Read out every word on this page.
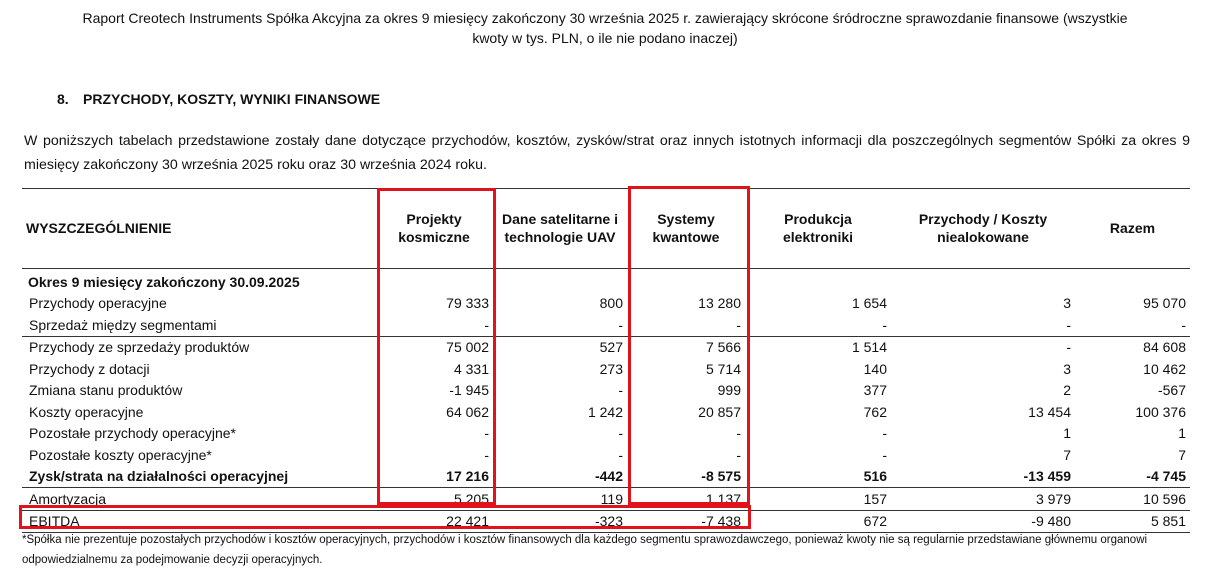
Raport Creotech Instruments Spółka Akcyjna za okres 9 miesięcy zakończony 30 września 2025 r. zawierający skrócone śródroczne sprawozdanie finansowe (wszystkie
kwoty w tys. PLN, o ile nie podano inaczej)
8. PRZYCHODY, KOSZTY, WYNIKI FINANSOWE
W poniższych tabelach przedstawione zostały dane dotyczące przychodów, kosztów, zysków/strat oraz innych istotnych informacji dla poszczególnych segmentów Spółki za okres 9 miesięcy zakończony 30 września 2025 roku oraz 30 września 2024 roku.
WYSZCZEGÓLNIENIE	Projekty kosmiczne	Dane satelitarne i technologie UAV	Systemy kwantowe	Produkcja elektroniki	Przychody / Koszty niealokowane	Razem
Okres 9 miesięcy zakończony 30.09.2025						
Przychody operacyjne	79 333	800	13 280	1 654	3	95 070
Sprzedaż między segmentami	-	-	-	-	-	-
Przychody ze sprzedaży produktów	75 002	527	7 566	1 514	-	84 608
Przychody z dotacji	4 331	273	5 714	140	3	10 462
Zmiana stanu produktów	-1 945	-	999	377	2	-567
Koszty operacyjne	64 062	1 242	20 857	762	13 454	100 376
Pozostałe przychody operacyjne*	-	-	-	-	1	1
Pozostałe koszty operacyjne*	-	-	-	-	7	7
Zysk/strata na działalności operacyjnej	17 216	-442	-8 575	516	-13 459	-4 745
Amortyzacja	5 205	119	1 137	157	3 979	10 596
EBITDA	22 421	-323	-7 438	672	-9 480	5 851
*Spółka nie prezentuje pozostałych przychodów i kosztów operacyjnych, przychodów i kosztów finansowych dla każdego segmentu sprawozdawczego, ponieważ kwoty nie są regularnie przedstawiane głównemu organowi odpowiedzialnemu za podejmowanie decyzji operacyjnych.
